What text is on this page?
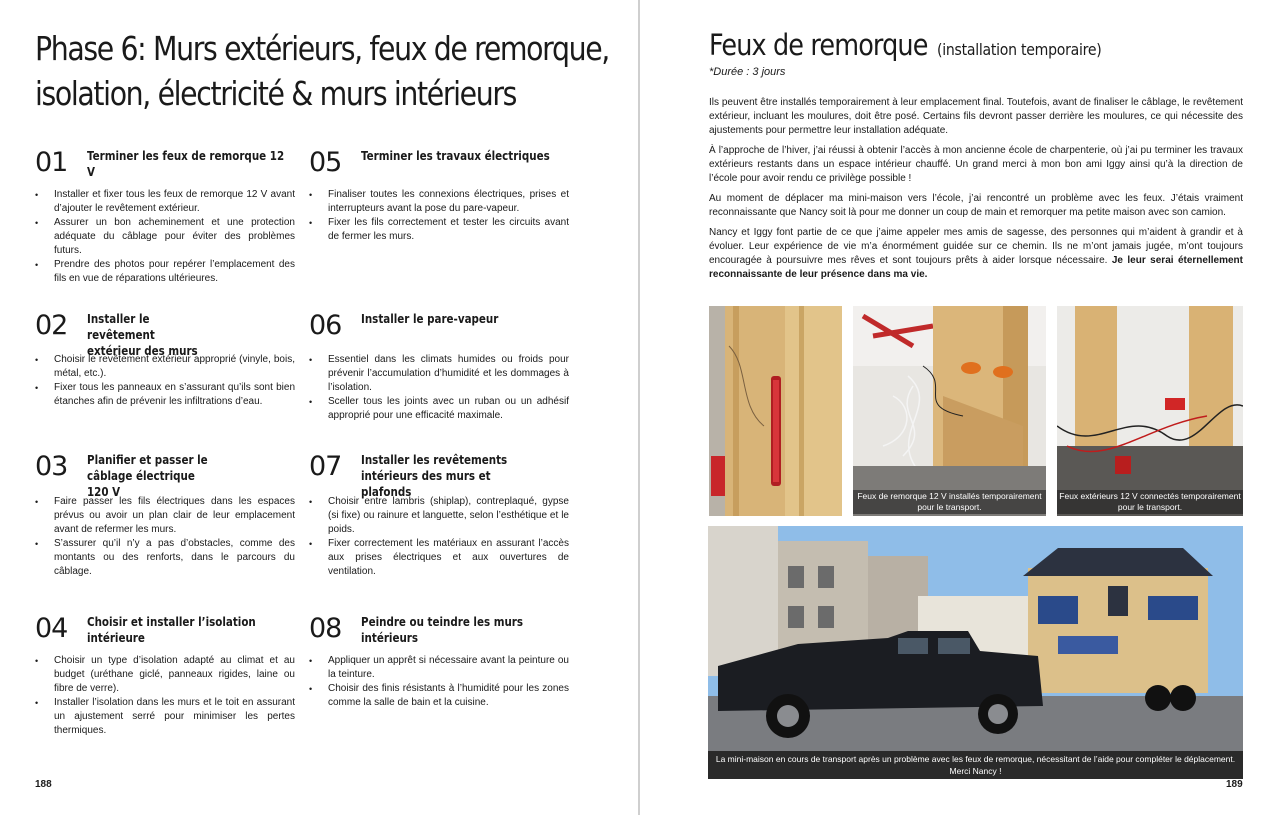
Phase 6: Murs extérieurs, feux de remorque, isolation, électricité & murs intérieurs
01 Terminer les feux de remorque 12 V
• Installer et fixer tous les feux de remorque 12 V avant d’ajouter le revêtement extérieur.
• Assurer un bon acheminement et une protection adéquate du câblage pour éviter des problèmes futurs.
• Prendre des photos pour repérer l’emplacement des fils en vue de réparations ultérieures.
02 Installer le revêtement extérieur des murs
• Choisir le revêtement extérieur approprié (vinyle, bois, métal, etc.).
• Fixer tous les panneaux en s’assurant qu’ils sont bien étanches afin de prévenir les infiltrations d’eau.
03 Planifier et passer le câblage électrique 120 V
• Faire passer les fils électriques dans les espaces prévus ou avoir un plan clair de leur emplacement avant de refermer les murs.
• S’assurer qu’il n’y a pas d’obstacles, comme des montants ou des renforts, dans le parcours du câblage.
04 Choisir et installer l’isolation intérieure
• Choisir un type d’isolation adapté au climat et au budget (uréthane giclé, panneaux rigides, laine ou fibre de verre).
• Installer l’isolation dans les murs et le toit en assurant un ajustement serré pour minimiser les pertes thermiques.
05 Terminer les travaux électriques
• Finaliser toutes les connexions électriques, prises et interrupteurs avant la pose du pare-vapeur.
• Fixer les fils correctement et tester les circuits avant de fermer les murs.
06 Installer le pare-vapeur
• Essentiel dans les climats humides ou froids pour prévenir l’accumulation d’humidité et les dommages à l’isolation.
• Sceller tous les joints avec un ruban ou un adhésif approprié pour une efficacité maximale.
07 Installer les revêtements intérieurs des murs et plafonds
• Choisir entre lambris (shiplap), contreplaqué, gypse (si fixe) ou rainure et languette, selon l’esthétique et le poids.
• Fixer correctement les matériaux en assurant l’accès aux prises électriques et aux ouvertures de ventilation.
08 Peindre ou teindre les murs intérieurs
• Appliquer un apprêt si nécessaire avant la peinture ou la teinture.
• Choisir des finis résistants à l’humidité pour les zones comme la salle de bain et la cuisine.
188
Feux de remorque (installation temporaire)
*Durée : 3 jours

Ils peuvent être installés temporairement à leur emplacement final. Toutefois, avant de finaliser le câblage, le revêtement extérieur, incluant les moulures, doit être posé. Certains fils devront passer derrière les moulures, ce qui nécessite des ajustements pour permettre leur installation adéquate.

À l’approche de l’hiver, j’ai réussi à obtenir l’accès à mon ancienne école de charpenterie, où j’ai pu terminer les travaux extérieurs restants dans un espace intérieur chauffé. Un grand merci à mon bon ami Iggy ainsi qu’à la direction de l’école pour avoir rendu ce privilège possible !

Au moment de déplacer ma mini-maison vers l’école, j’ai rencontré un problème avec les feux. J’étais vraiment reconnaissante que Nancy soit là pour me donner un coup de main et remorquer ma petite maison avec son camion.

Nancy et Iggy font partie de ce que j’aime appeler mes amis de sagesse, des personnes qui m’aident à grandir et à évoluer. Leur expérience de vie m’a énormément guidée sur ce chemin. Ils ne m’ont jamais jugée, m’ont toujours encouragée à poursuivre mes rêves et sont toujours prêts à aider lorsque nécessaire. Je leur serai éternellement reconnaissante de leur présence dans ma vie.

Feux de remorque 12 V installés temporairement pour le transport.
Feux extérieurs 12 V connectés temporairement pour le transport.
La mini-maison en cours de transport après un problème avec les feux de remorque, nécessitant de l’aide pour compléter le déplacement.
Merci Nancy !
189
